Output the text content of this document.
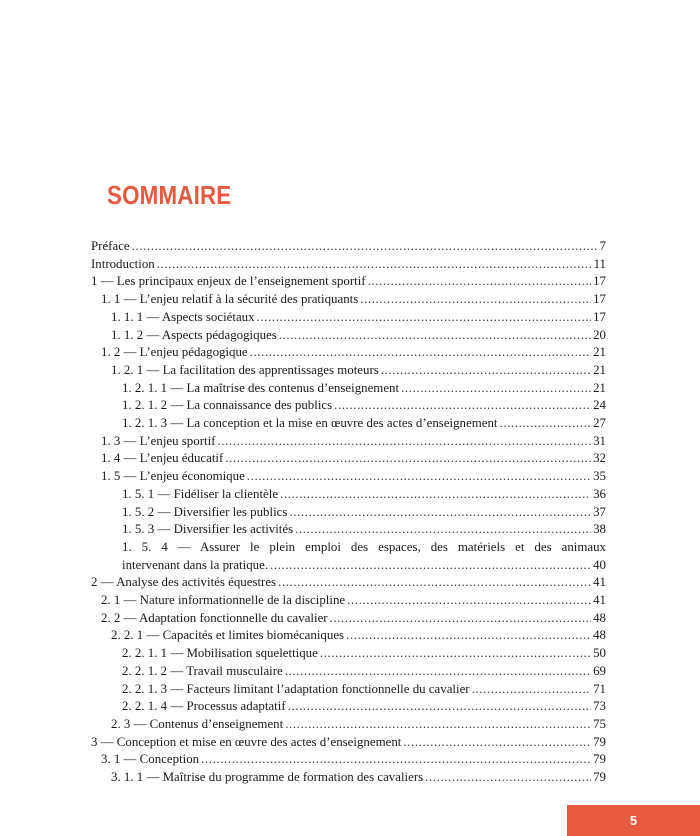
SOMMAIRE
Préface .....	7
Introduction .....	11
1 — Les principaux enjeux de l’enseignement sportif .....	17
1. 1 — L’enjeu relatif à la sécurité des pratiquants .....	17
1. 1. 1 — Aspects sociétaux .....	17
1. 1. 2 — Aspects pédagogiques .....	20
1. 2 — L’enjeu pédagogique .....	21
1. 2. 1 — La facilitation des apprentissages moteurs .....	21
1. 2. 1. 1 — La maîtrise des contenus d’enseignement .....	21
1. 2. 1. 2 — La connaissance des publics .....	24
1. 2. 1. 3 — La conception et la mise en œuvre des actes d’enseignement .....	27
1. 3 — L’enjeu sportif .....	31
1. 4 — L’enjeu éducatif .....	32
1. 5 — L’enjeu économique .....	35
1. 5. 1 — Fidéliser la clientèle .....	36
1. 5. 2 — Diversifier les publics .....	37
1. 5. 3 — Diversifier les activités .....	38
1. 5. 4 — Assurer le plein emploi des espaces, des matériels et des animaux
intervenant dans la pratique. .....	40
2 — Analyse des activités équestres .....	41
2. 1 — Nature informationnelle de la discipline .....	41
2. 2 — Adaptation fonctionnelle du cavalier .....	48
2. 2. 1 — Capacités et limites biomécaniques .....	48
2. 2. 1. 1 — Mobilisation squelettique .....	50
2. 2. 1. 2 — Travail musculaire .....	69
2. 2. 1. 3 — Facteurs limitant l’adaptation fonctionnelle du cavalier .....	71
2. 2. 1. 4 — Processus adaptatif .....	73
2. 3 — Contenus d’enseignement .....	75
3 — Conception et mise en œuvre des actes d’enseignement .....	79
3. 1 — Conception .....	79
3. 1. 1 — Maîtrise du programme de formation des cavaliers .....	79
5
